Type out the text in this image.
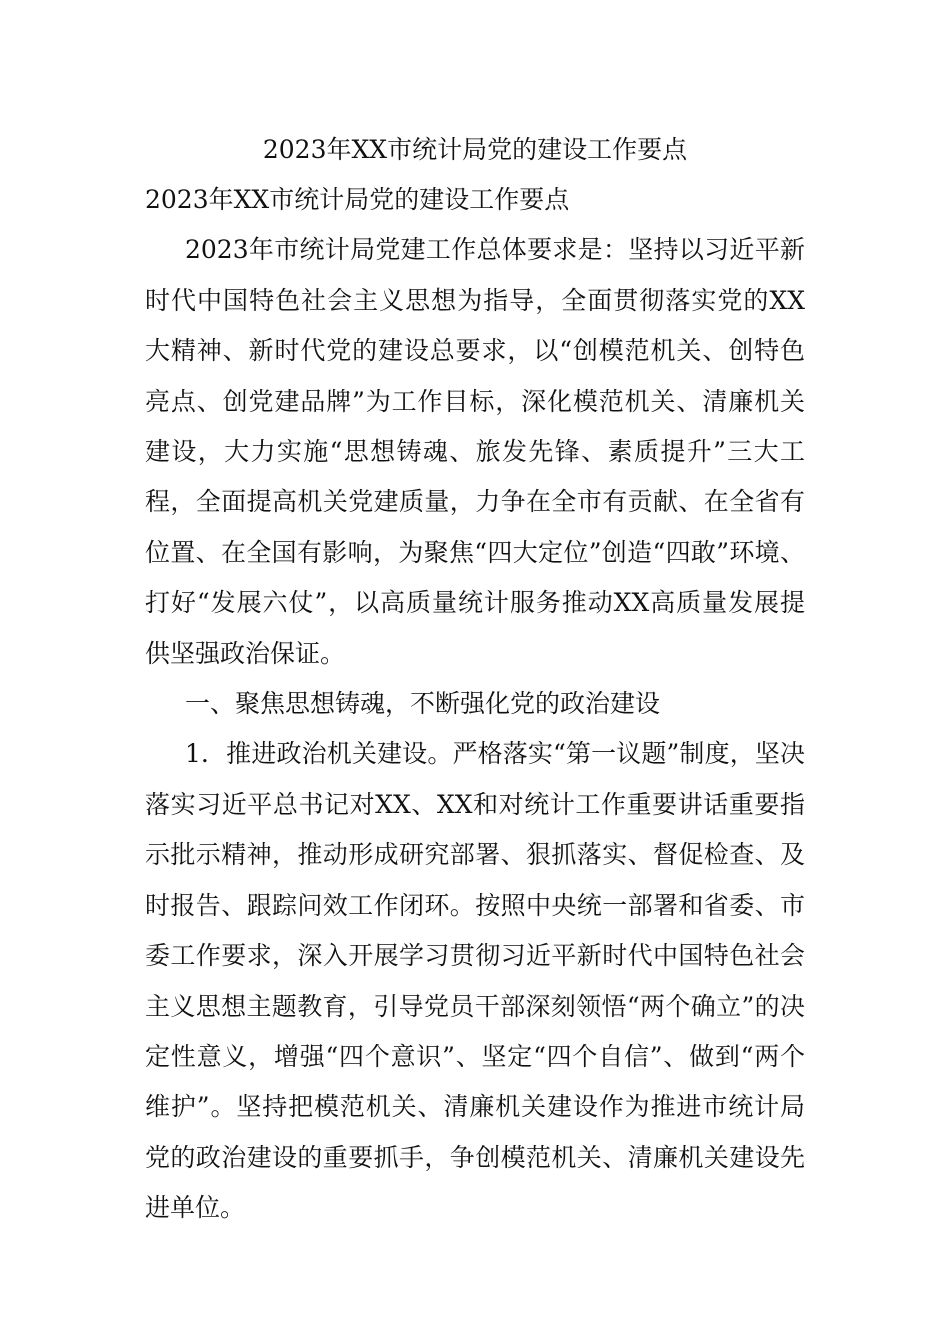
2023年XX市统计局党的建设工作要点

2023年XX市统计局党的建设工作要点

2023年市统计局党建工作总体要求是：坚持以习近平新时代中国特色社会主义思想为指导，全面贯彻落实党的XX大精神、新时代党的建设总要求，以“创模范机关、创特色亮点、创党建品牌”为工作目标，深化模范机关、清廉机关建设，大力实施“思想铸魂、旅发先锋、素质提升”三大工程，全面提高机关党建质量，力争在全市有贡献、在全省有位置、在全国有影响，为聚焦“四大定位”创造“四敢”环境、打好“发展六仗”，以高质量统计服务推动XX高质量发展提供坚强政治保证。

一、聚焦思想铸魂，不断强化党的政治建设

1．推进政治机关建设。严格落实“第一议题”制度，坚决落实习近平总书记对XX、XX和对统计工作重要讲话重要指示批示精神，推动形成研究部署、狠抓落实、督促检查、及时报告、跟踪问效工作闭环。按照中央统一部署和省委、市委工作要求，深入开展学习贯彻习近平新时代中国特色社会主义思想主题教育，引导党员干部深刻领悟“两个确立”的决定性意义，增强“四个意识”、坚定“四个自信”、做到“两个维护”。坚持把模范机关、清廉机关建设作为推进市统计局党的政治建设的重要抓手，争创模范机关、清廉机关建设先进单位。
